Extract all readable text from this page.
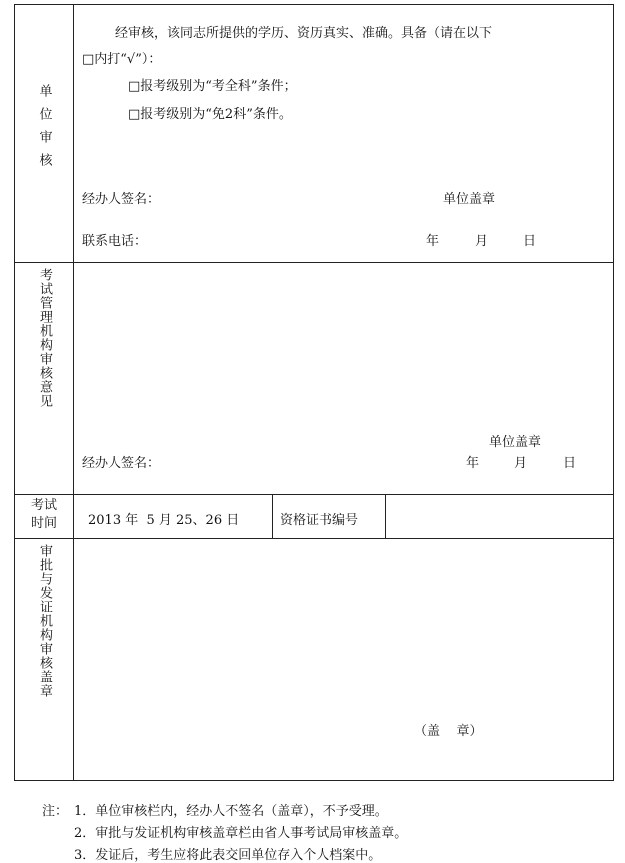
单位审核
经审核，该同志所提供的学历、资历真实、准确。具备（请在以下
□内打“√”）：
□报考级别为“考全科”条件；
□报考级别为“免2科”条件。
经办人签名：	单位盖章
联系电话：	年	月	日
考试管理机构审核意见
单位盖章
经办人签名：	年	月	日
考试
时间	2013 年  5 月 25、26 日	资格证书编号
审批与发证机构审核盖章
（盖    章）
注： 1．单位审核栏内，经办人不签名（盖章），不予受理。
2．审批与发证机构审核盖章栏由省人事考试局审核盖章。
3．发证后，考生应将此表交回单位存入个人档案中。
